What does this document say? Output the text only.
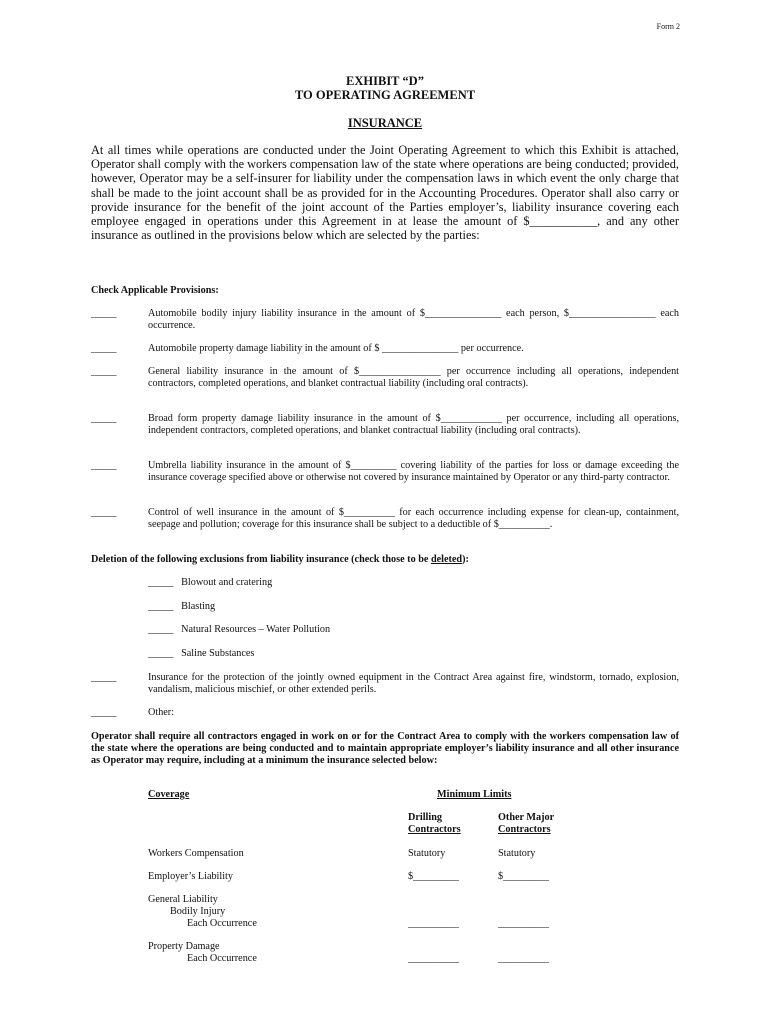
Form 2
EXHIBIT “D”
TO OPERATING AGREEMENT
INSURANCE
At all times while operations are conducted under the Joint Operating Agreement to which this Exhibit is attached, Operator shall comply with the workers compensation law of the state where operations are being conducted; provided, however, Operator may be a self-insurer for liability under the compensation laws in which event the only charge that shall be made to the joint account shall be as provided for in the Accounting Procedures. Operator shall also carry or provide insurance for the benefit of the joint account of the Parties employer’s, liability insurance covering each employee engaged in operations under this Agreement in at lease the amount of $___________, and any other insurance as outlined in the provisions below which are selected by the parties:
Check Applicable Provisions:
_____	Automobile bodily injury liability insurance in the amount of $_______________ each person, $_________________ each occurrence.
_____	Automobile property damage liability in the amount of $ _______________ per occurrence.
_____	General liability insurance in the amount of $________________ per occurrence including all operations, independent contractors, completed operations, and blanket contractual liability (including oral contracts).
_____	Broad form property damage liability insurance in the amount of $____________ per occurrence, including all operations, independent contractors, completed operations, and blanket contractual liability (including oral contracts).
_____	Umbrella liability insurance in the amount of $_________ covering liability of the parties for loss or damage exceeding the insurance coverage specified above or otherwise not covered by insurance maintained by Operator or any third-party contractor.
_____	Control of well insurance in the amount of $__________ for each occurrence including expense for clean-up, containment, seepage and pollution; coverage for this insurance shall be subject to a deductible of $__________.
Deletion of the following exclusions from liability insurance (check those to be deleted):
_____ Blowout and cratering
_____ Blasting
_____ Natural Resources – Water Pollution
_____ Saline Substances
_____	Insurance for the protection of the jointly owned equipment in the Contract Area against fire, windstorm, tornado, explosion, vandalism, malicious mischief, or other extended perils.
_____	Other:
Operator shall require all contractors engaged in work on or for the Contract Area to comply with the workers compensation law of the state where the operations are being conducted and to maintain appropriate employer’s liability insurance and all other insurance as Operator may require, including at a minimum the insurance selected below:
Coverage	Minimum Limits
Drilling
Contractors
Other Major
Contractors
Workers Compensation	Statutory	Statutory
Employer’s Liability	$_________	$_________
General Liability
Bodily Injury
Each Occurrence	__________	__________
Property Damage
Each Occurrence	__________	__________
